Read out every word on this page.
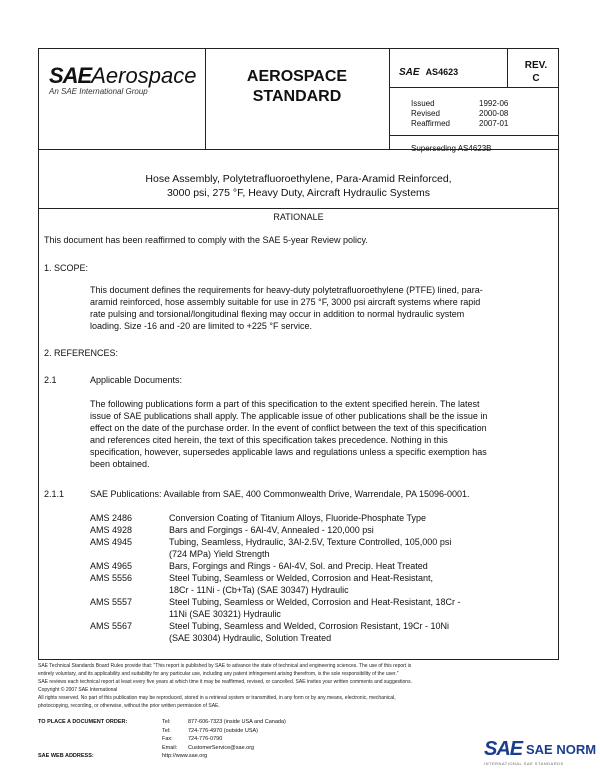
SAEAerospace
An SAE International Group
AEROSPACE
STANDARD
SAE AS4623
REV.
C
Issued	1992-06
Revised	2000-08
Reaffirmed	2007-01
Superseding AS4623B
Hose Assembly, Polytetrafluoroethylene, Para-Aramid Reinforced,
3000 psi, 275 °F, Heavy Duty, Aircraft Hydraulic Systems
RATIONALE
This document has been reaffirmed to comply with the SAE 5-year Review policy.
1. SCOPE:
This document defines the requirements for heavy-duty polytetrafluoroethylene (PTFE) lined, para-
aramid reinforced, hose assembly suitable for use in 275 °F, 3000 psi aircraft systems where rapid
rate pulsing and torsional/longitudinal flexing may occur in addition to normal hydraulic system
loading. Size -16 and -20 are limited to +225 °F service.
2. REFERENCES:
2.1	Applicable Documents:
The following publications form a part of this specification to the extent specified herein. The latest
issue of SAE publications shall apply. The applicable issue of other publications shall be the issue in
effect on the date of the purchase order. In the event of conflict between the text of this specification
and references cited herein, the text of this specification takes precedence. Nothing in this
specification, however, supersedes applicable laws and regulations unless a specific exemption has
been obtained.
2.1.1	SAE Publications: Available from SAE, 400 Commonwealth Drive, Warrendale, PA 15096-0001.
AMS 2486	Conversion Coating of Titanium Alloys, Fluoride-Phosphate Type
AMS 4928	Bars and Forgings - 6Al-4V, Annealed - 120,000 psi
AMS 4945	Tubing, Seamless, Hydraulic, 3Al-2.5V, Texture Controlled, 105,000 psi
(724 MPa) Yield Strength
AMS 4965	Bars, Forgings and Rings - 6Al-4V, Sol. and Precip. Heat Treated
AMS 5556	Steel Tubing, Seamless or Welded, Corrosion and Heat-Resistant,
18Cr - 11Ni - (Cb+Ta) (SAE 30347) Hydraulic
AMS 5557	Steel Tubing, Seamless or Welded, Corrosion and Heat-Resistant, 18Cr -
11Ni (SAE 30321) Hydraulic
AMS 5567	Steel Tubing, Seamless and Welded, Corrosion Resistant, 19Cr - 10Ni
(SAE 30304) Hydraulic, Solution Treated
SAE Technical Standards Board Rules provide that: "This report is published by SAE to advance the state of technical and engineering sciences. The use of this report is
entirely voluntary, and its applicability and suitability for any particular use, including any patent infringement arising therefrom, is the sole responsibility of the user."
SAE reviews each technical report at least every five years at which time it may be reaffirmed, revised, or cancelled. SAE invites your written comments and suggestions.
Copyright © 2007 SAE International
All rights reserved. No part of this publication may be reproduced, stored in a retrieval system or transmitted, in any form or by any means, electronic, mechanical,
photocopying, recording, or otherwise, without the prior written permission of SAE.
TO PLACE A DOCUMENT ORDER:	Tel:	877-606-7323 (inside USA and Canada)
Tel:	724-776-4970 (outside USA)
Fax:	724-776-0790
Email: CustomerService@sae.org
SAE WEB ADDRESS:	http://www.sae.org	SAE SAE NORM
INTERNATIONAL SAE STANDARDS
